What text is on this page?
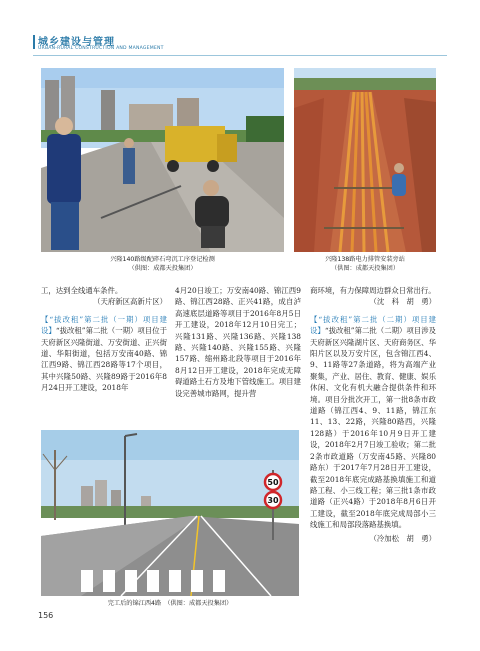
城乡建设与管理
URBAN-RURAL CONSTRUCTION AND MANAGEMENT
兴隆140路级配碎石弯沉工序登记检测
（供图：成都天投集团）
兴隆138路电力排管安装旁站
（供图：成都天投集团）

工，达到全线通车条件。

（天府新区高新片区）

【“拔改租”第二批（一期）项目建设】“拔改租”第二批（一期）项目位于天府新区兴隆街道、万安街道、正兴街道、华阳街道，包括万安南40路、锦江西9路、锦江西28路等17个项目，其中兴隆50路、兴隆89路于2016年8月24日开工建设，2018年

4月20日竣工；万安南40路、锦江西9路、锦江西28路、正兴41路，成自泸高速底层道路等项目于2016年8月5日开工建设，2018年12月10日完工；兴隆131路、兴隆136路、兴隆138路、兴隆140路、兴隆155路、兴隆157路、缩州路北段等项目于2016年8月12日开工建设，2018年完成无障碍道路土石方及地下管线施工。项目建设完善城市路网，提升营

商环境，有力保障周边群众日常出行。

（沈　科　胡　勇）

【“拔改租”第二批（二期）项目建设】“拔改租”第二批（二期）项目涉及天府新区兴隆湖片区、天府商务区、华阳片区以及万安片区，包含锦江西4、9、11路等27条道路，将为高端产业聚集，产业、居住、教育、健康、娱乐休闲、文化有机大融合提供条件和环境。项目分批次开工，第一批8条市政道路（锦江西4、9、11路，锦江东11、13、22路，兴隆80路西，兴隆128路）于2016年10月9日开工建设，2018年2月7日竣工验收；第二批2条市政道路（万安南45路、兴隆80路东）于2017年7月28日开工建设，截至2018年底完成路基换填施工和道路工程、小三线工程；第三批1条市政道路（正兴4路）于2018年8月6日开工建设，截至2018年底完成局部小三线施工和局部段落路基换填。

（冷加松　胡　勇）

50
30
完工后的锦江西4路　（供图：成都天投集团）
156
